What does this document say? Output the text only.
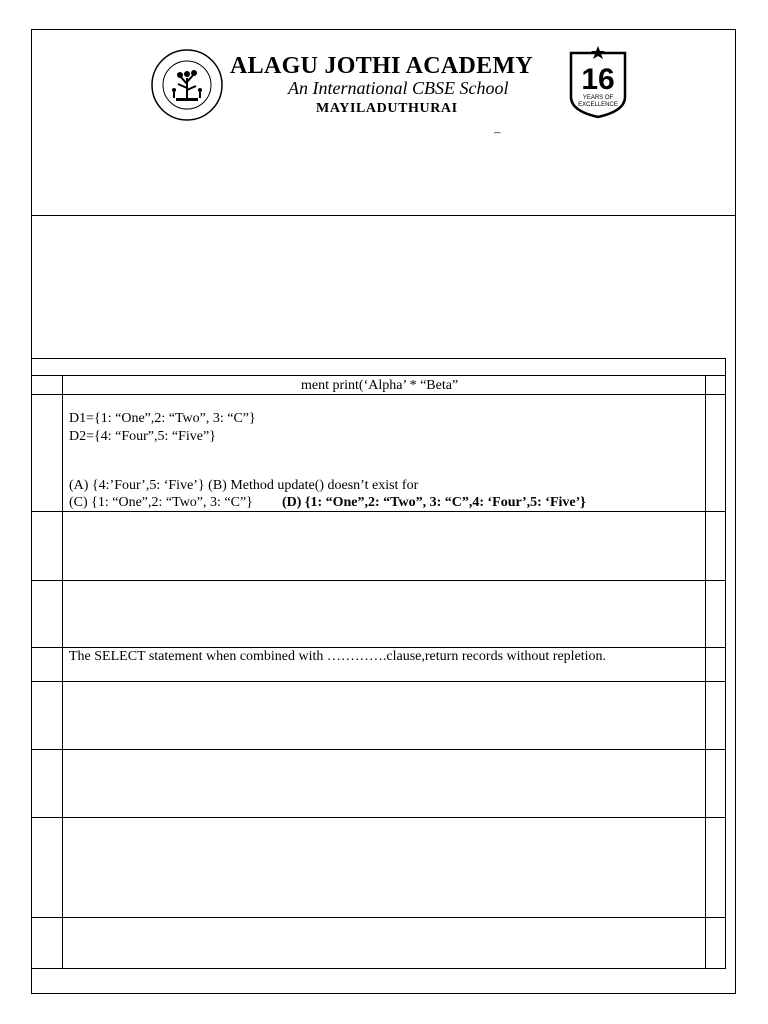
ALAGU JOTHI ACADEMY
An International CBSE School
MAYILADUTHURAI
–
16
YEARS OF
EXCELLENCE
ment print(‘Alpha’ * “Beta”
D1={1: “One”,2: “Two”, 3: “C”}
D2={4: “Four”,5: “Five”}
(A) {4:’Four’,5: ‘Five’} (B) Method update() doesn’t exist for
(C) {1: “One”,2: “Two”, 3: “C”} (D) {1: “One”,2: “Two”, 3: “C”,4: ‘Four’,5: ‘Five’}
The SELECT statement when combined with ………….clause,return records without repletion.
